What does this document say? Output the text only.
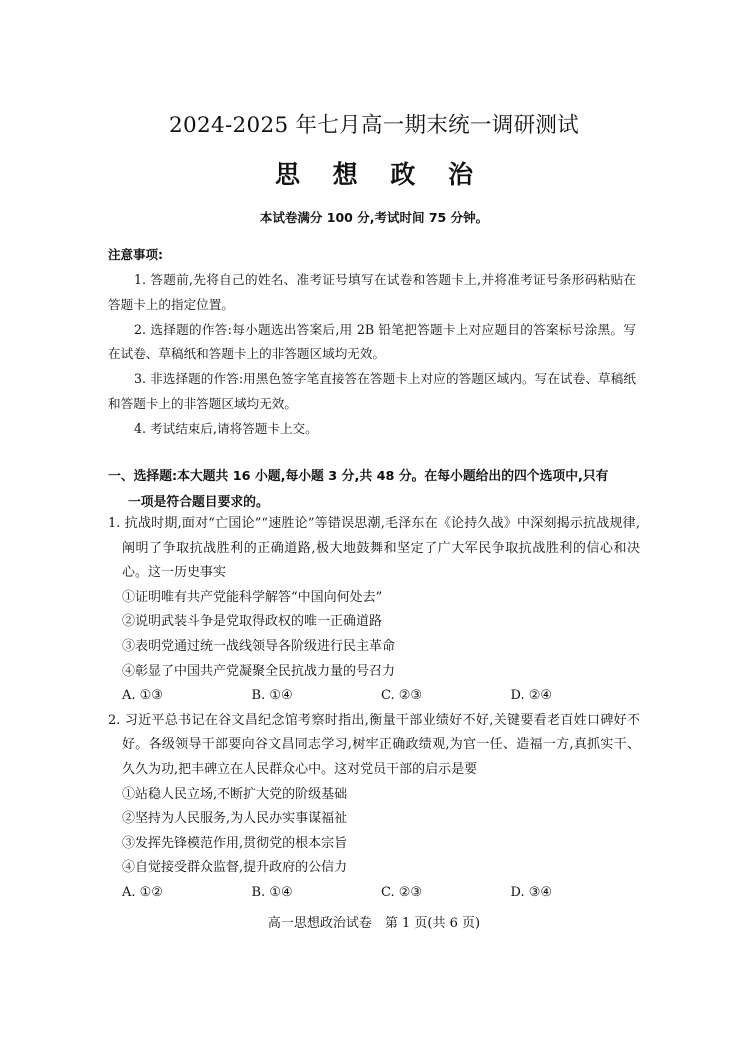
2024-2025 年七月高一期末统一调研测试
思 想 政 治
本试卷满分 100 分,考试时间 75 分钟。
注意事项:

1. 答题前,先将自己的姓名、准考证号填写在试卷和答题卡上,并将准考证号条形码粘贴在答题卡上的指定位置。

2. 选择题的作答:每小题选出答案后,用 2B 铅笔把答题卡上对应题目的答案标号涂黑。写在试卷、草稿纸和答题卡上的非答题区域均无效。

3. 非选择题的作答:用黑色签字笔直接答在答题卡上对应的答题区域内。写在试卷、草稿纸和答题卡上的非答题区域均无效。

4. 考试结束后,请将答题卡上交。

一、选择题:本大题共 16 小题,每小题 3 分,共 48 分。在每小题给出的四个选项中,只有
一项是符合题目要求的。
1. 抗战时期,面对“亡国论”“速胜论”等错误思潮,毛泽东在《论持久战》中深刻揭示抗战规律,阐明了争取抗战胜利的正确道路,极大地鼓舞和坚定了广大军民争取抗战胜利的信心和决心。这一历史事实
①证明唯有共产党能科学解答“中国向何处去”
②说明武装斗争是党取得政权的唯一正确道路
③表明党通过统一战线领导各阶级进行民主革命
④彰显了中国共产党凝聚全民抗战力量的号召力
A. ①③	B. ①④	C. ②③	D. ②④
2. 习近平总书记在谷文昌纪念馆考察时指出,衡量干部业绩好不好,关键要看老百姓口碑好不好。各级领导干部要向谷文昌同志学习,树牢正确政绩观,为官一任、造福一方,真抓实干、久久为功,把丰碑立在人民群众心中。这对党员干部的启示是要
①站稳人民立场,不断扩大党的阶级基础
②坚持为人民服务,为人民办实事谋福祉
③发挥先锋模范作用,贯彻党的根本宗旨
④自觉接受群众监督,提升政府的公信力
A. ①②	B. ①④	C. ②③	D. ③④
高一思想政治试卷　第 1 页(共 6 页)
